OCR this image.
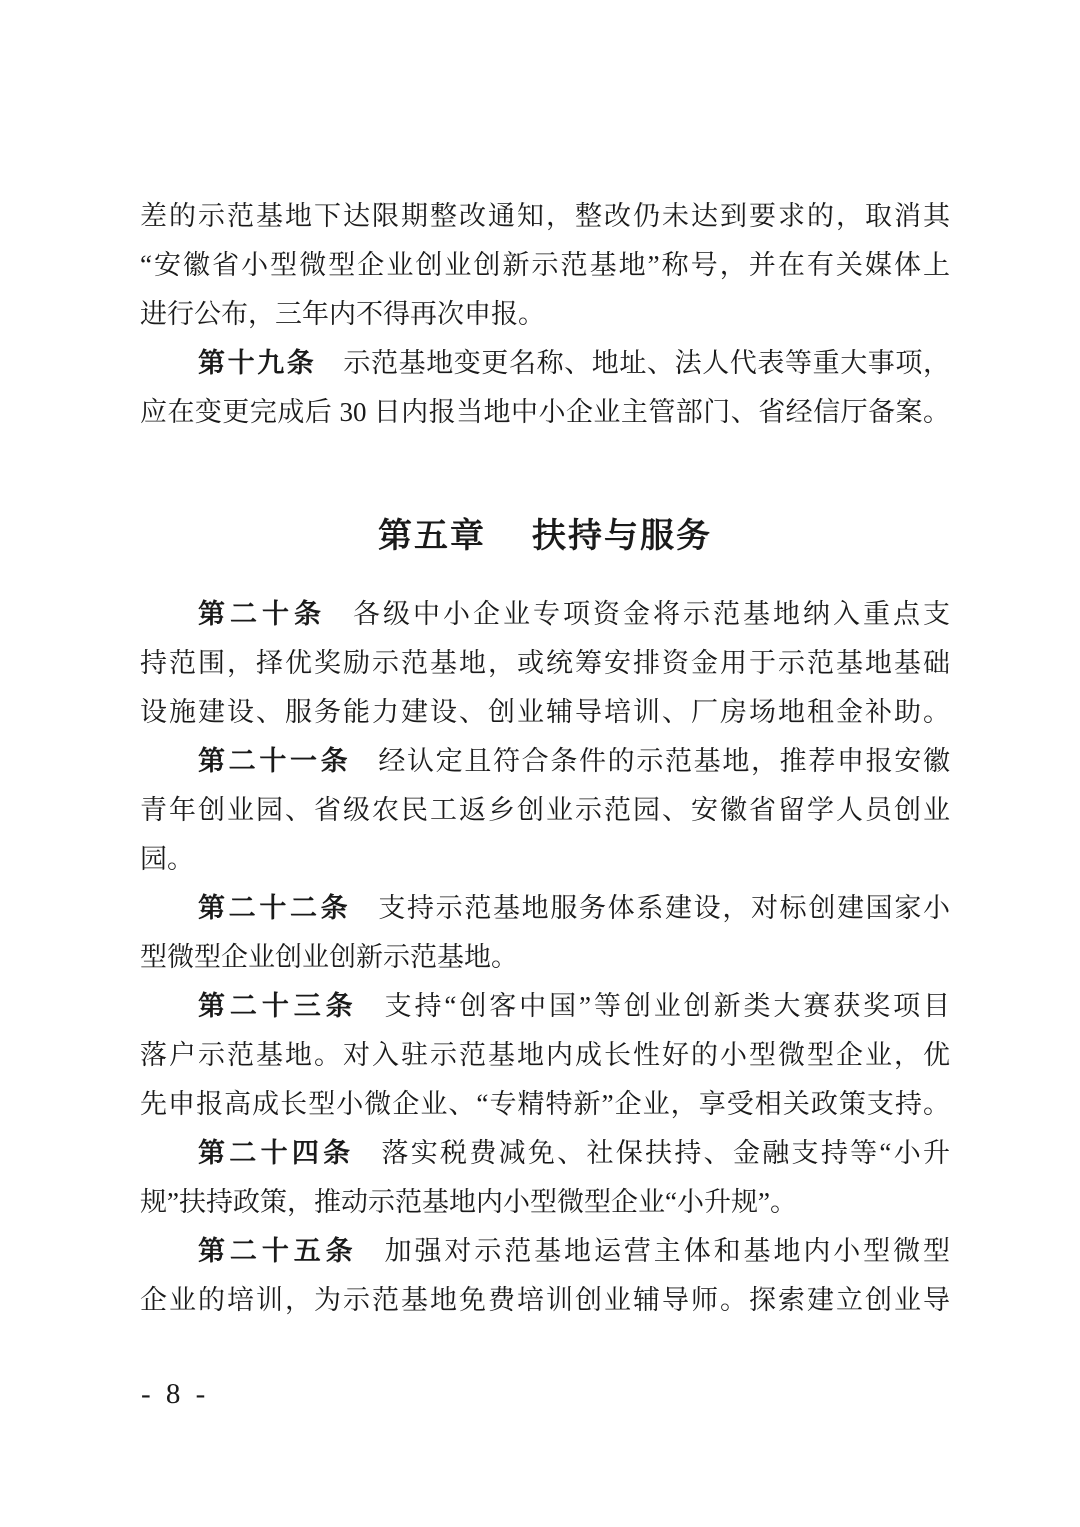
差的示范基地下达限期整改通知，整改仍未达到要求的，取消其
“安徽省小型微型企业创业创新示范基地”称号，并在有关媒体上
进行公布，三年内不得再次申报。
第十九条 示范基地变更名称、地址、法人代表等重大事项，
应在变更完成后 30 日内报当地中小企业主管部门、省经信厅备案。
第五章 扶持与服务
第二十条 各级中小企业专项资金将示范基地纳入重点支
持范围，择优奖励示范基地，或统筹安排资金用于示范基地基础
设施建设、服务能力建设、创业辅导培训、厂房场地租金补助。
第二十一条 经认定且符合条件的示范基地，推荐申报安徽
青年创业园、省级农民工返乡创业示范园、安徽省留学人员创业
园。
第二十二条 支持示范基地服务体系建设，对标创建国家小
型微型企业创业创新示范基地。
第二十三条 支持“创客中国”等创业创新类大赛获奖项目
落户示范基地。对入驻示范基地内成长性好的小型微型企业，优
先申报高成长型小微企业、“专精特新”企业，享受相关政策支持。
第二十四条 落实税费减免、社保扶持、金融支持等“小升
规”扶持政策，推动示范基地内小型微型企业“小升规”。
第二十五条 加强对示范基地运营主体和基地内小型微型
企业的培训，为示范基地免费培训创业辅导师。探索建立创业导
- 8 -
